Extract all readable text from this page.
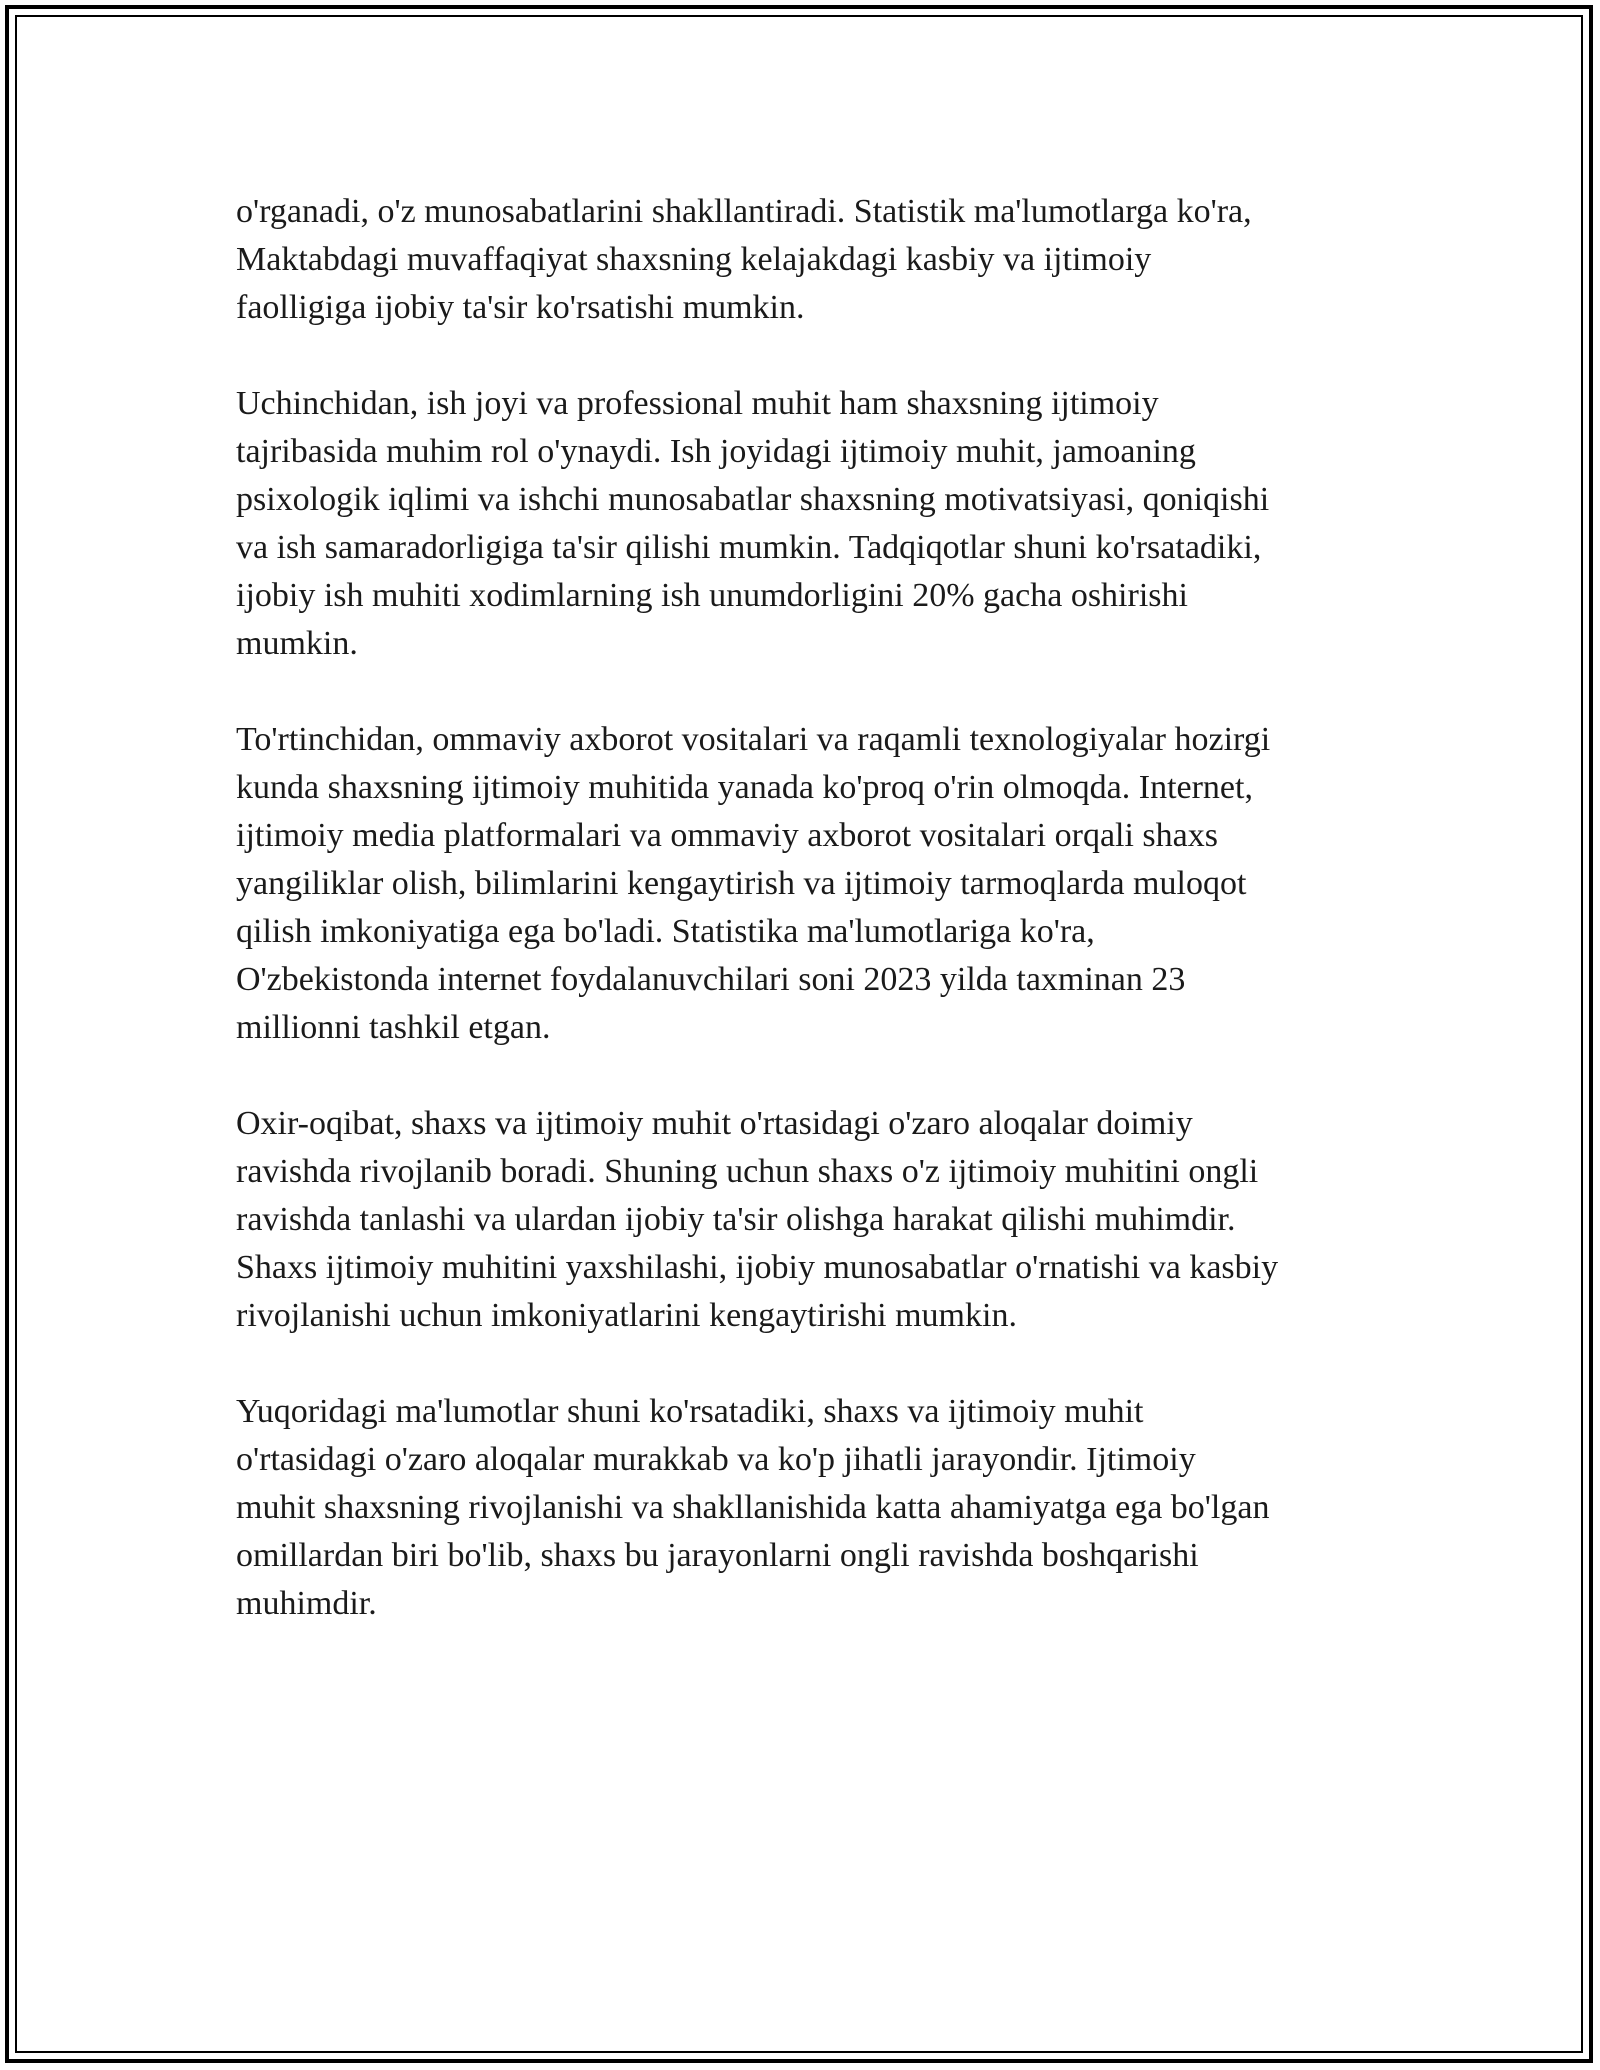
o'rganadi, o'z munosabatlarini shakllantiradi. Statistik ma'lumotlarga ko'ra,
Maktabdagi muvaffaqiyat shaxsning kelajakdagi kasbiy va ijtimoiy
faolligiga ijobiy ta'sir ko'rsatishi mumkin.

Uchinchidan, ish joyi va professional muhit ham shaxsning ijtimoiy
tajribasida muhim rol o'ynaydi. Ish joyidagi ijtimoiy muhit, jamoaning
psixologik iqlimi va ishchi munosabatlar shaxsning motivatsiyasi, qoniqishi
va ish samaradorligiga ta'sir qilishi mumkin. Tadqiqotlar shuni ko'rsatadiki,
ijobiy ish muhiti xodimlarning ish unumdorligini 20% gacha oshirishi
mumkin.

To'rtinchidan, ommaviy axborot vositalari va raqamli texnologiyalar hozirgi
kunda shaxsning ijtimoiy muhitida yanada ko'proq o'rin olmoqda. Internet,
ijtimoiy media platformalari va ommaviy axborot vositalari orqali shaxs
yangiliklar olish, bilimlarini kengaytirish va ijtimoiy tarmoqlarda muloqot
qilish imkoniyatiga ega bo'ladi. Statistika ma'lumotlariga ko'ra,
O'zbekistonda internet foydalanuvchilari soni 2023 yilda taxminan 23
millionni tashkil etgan.

Oxir-oqibat, shaxs va ijtimoiy muhit o'rtasidagi o'zaro aloqalar doimiy
ravishda rivojlanib boradi. Shuning uchun shaxs o'z ijtimoiy muhitini ongli
ravishda tanlashi va ulardan ijobiy ta'sir olishga harakat qilishi muhimdir.
Shaxs ijtimoiy muhitini yaxshilashi, ijobiy munosabatlar o'rnatishi va kasbiy
rivojlanishi uchun imkoniyatlarini kengaytirishi mumkin.

Yuqoridagi ma'lumotlar shuni ko'rsatadiki, shaxs va ijtimoiy muhit
o'rtasidagi o'zaro aloqalar murakkab va ko'p jihatli jarayondir. Ijtimoiy
muhit shaxsning rivojlanishi va shakllanishida katta ahamiyatga ega bo'lgan
omillardan biri bo'lib, shaxs bu jarayonlarni ongli ravishda boshqarishi
muhimdir.
